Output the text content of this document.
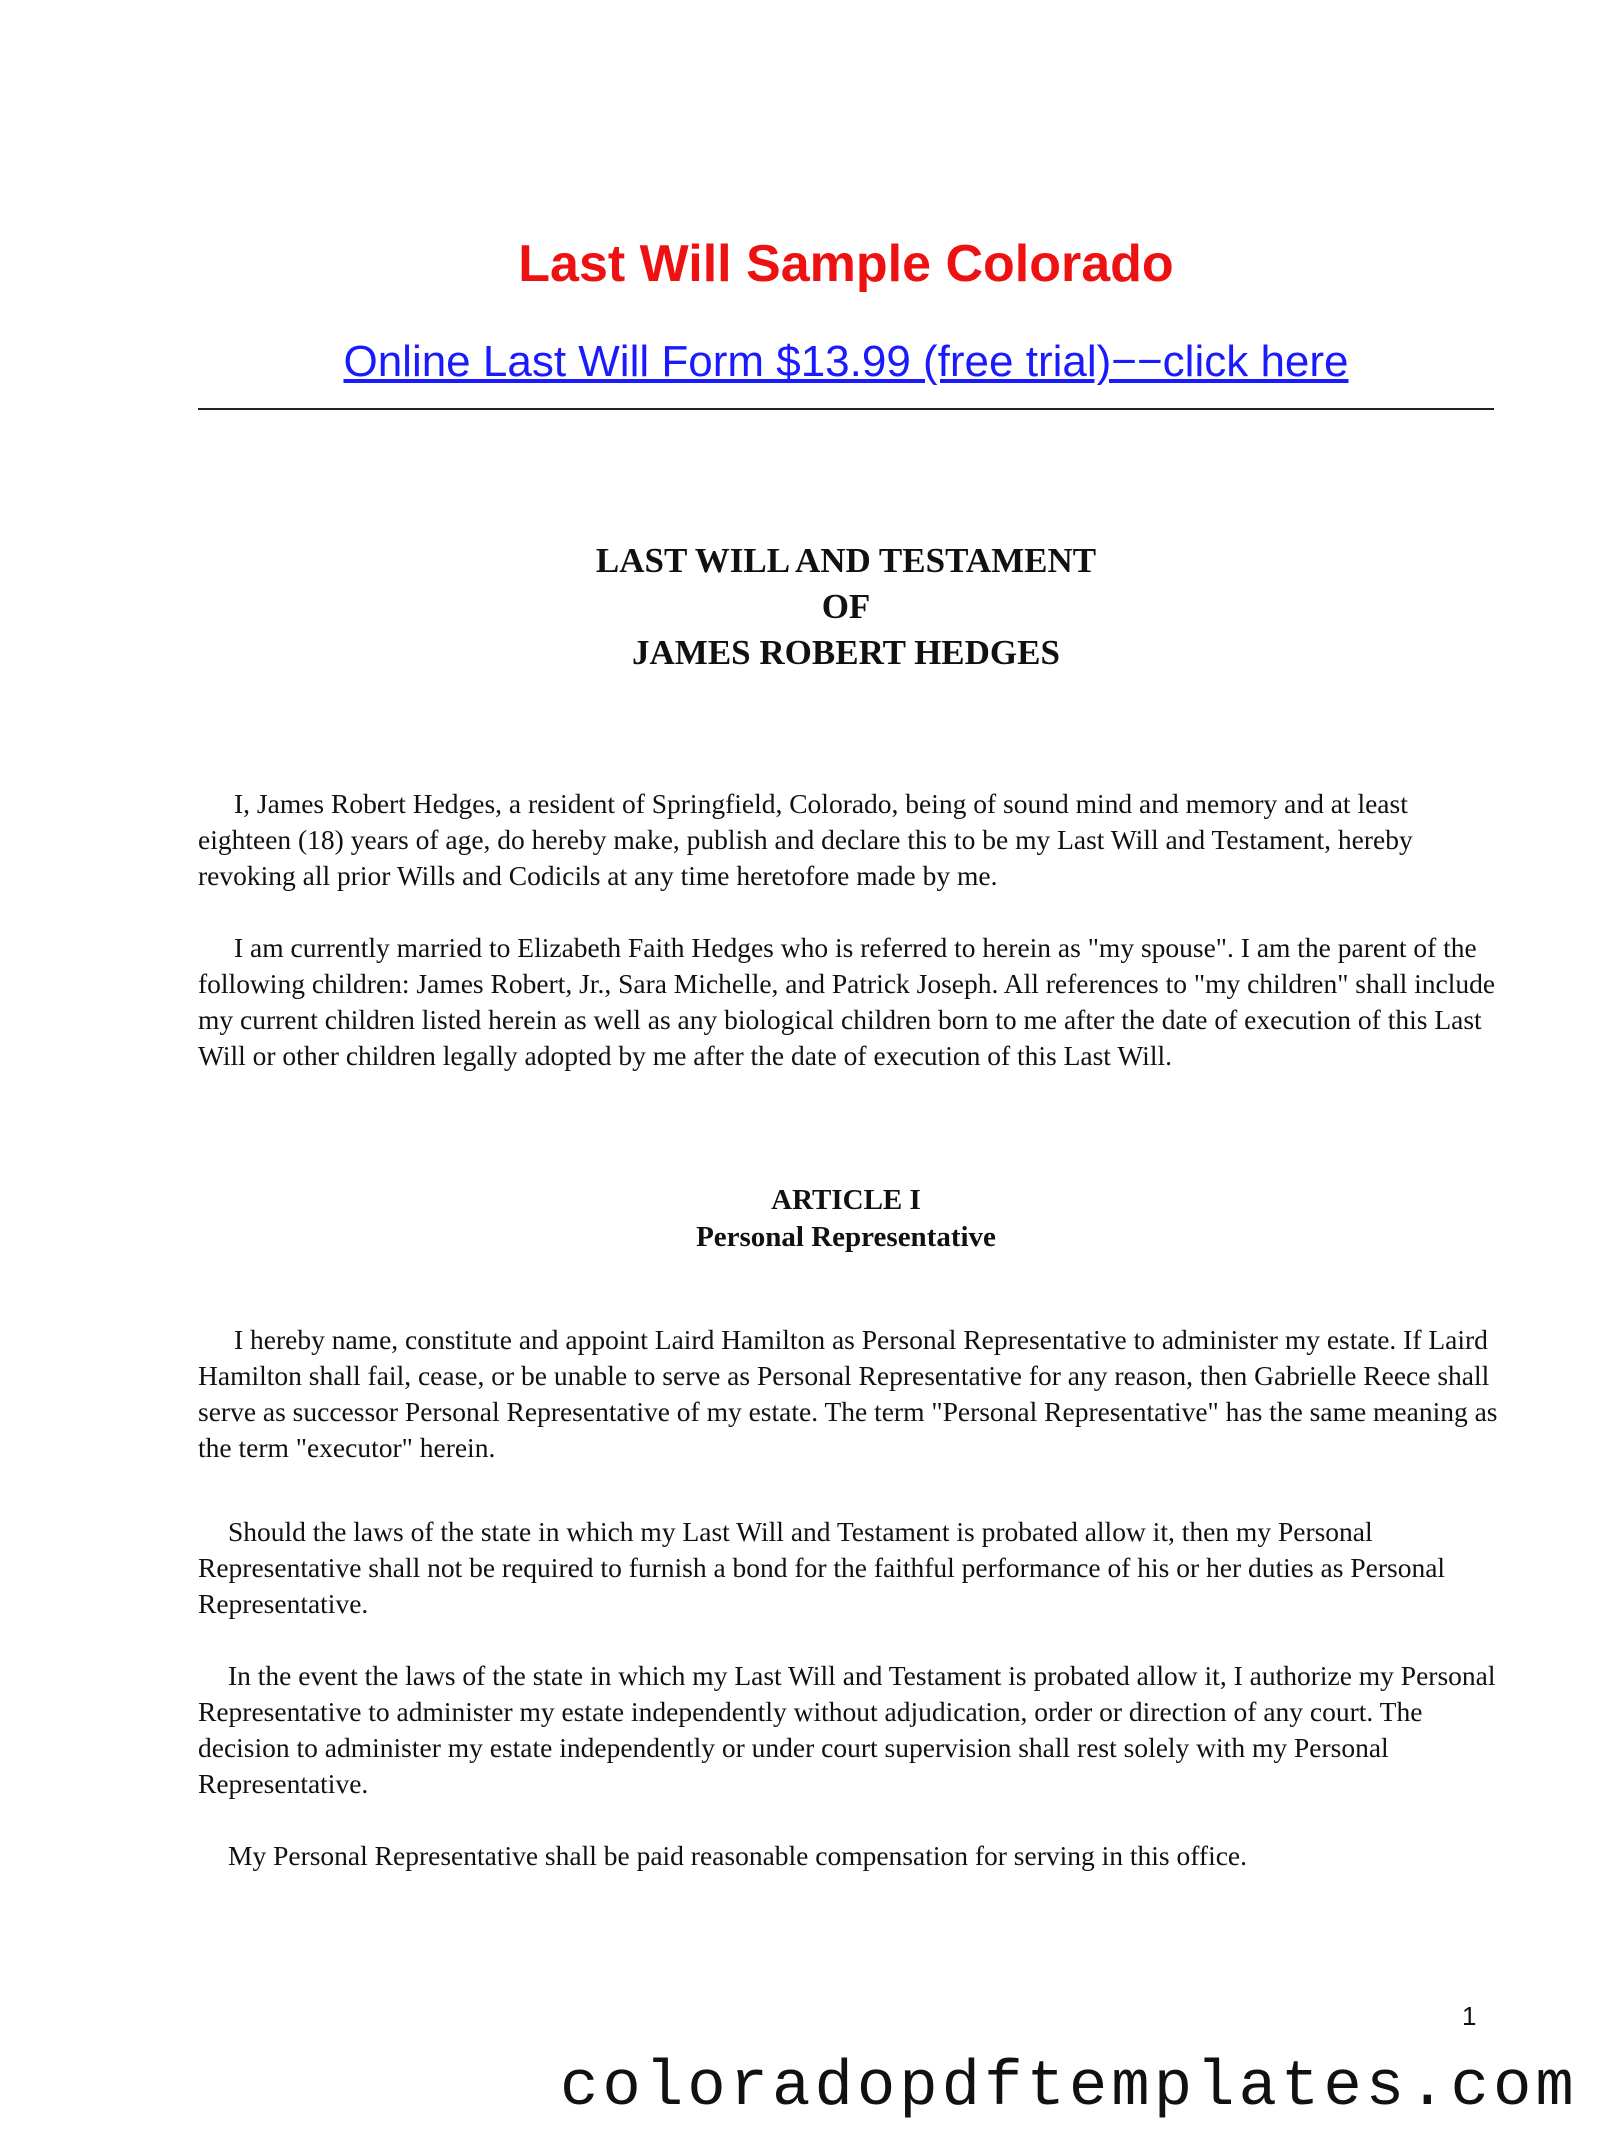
Last Will Sample Colorado
Online Last Will Form $13.99 (free trial)−−click here
LAST WILL AND TESTAMENT
OF
JAMES ROBERT HEDGES

I, James Robert Hedges, a resident of Springfield, Colorado, being of sound mind and memory and at least eighteen (18) years of age, do hereby make, publish and declare this to be my Last Will and Testament, hereby revoking all prior Wills and Codicils at any time heretofore made by me.

I am currently married to Elizabeth Faith Hedges who is referred to herein as "my spouse". I am the parent of the following children: James Robert, Jr., Sara Michelle, and Patrick Joseph. All references to "my children" shall include my current children listed herein as well as any biological children born to me after the date of execution of this Last Will or other children legally adopted by me after the date of execution of this Last Will.

ARTICLE I
Personal Representative

I hereby name, constitute and appoint Laird Hamilton as Personal Representative to administer my estate. If Laird Hamilton shall fail, cease, or be unable to serve as Personal Representative for any reason, then Gabrielle Reece shall serve as successor Personal Representative of my estate. The term "Personal Representative" has the same meaning as the term "executor" herein.

Should the laws of the state in which my Last Will and Testament is probated allow it, then my Personal Representative shall not be required to furnish a bond for the faithful performance of his or her duties as Personal Representative.

In the event the laws of the state in which my Last Will and Testament is probated allow it, I authorize my Personal Representative to administer my estate independently without adjudication, order or direction of any court. The decision to administer my estate independently or under court supervision shall rest solely with my Personal Representative.

My Personal Representative shall be paid reasonable compensation for serving in this office.

1
coloradopdftemplates.com
